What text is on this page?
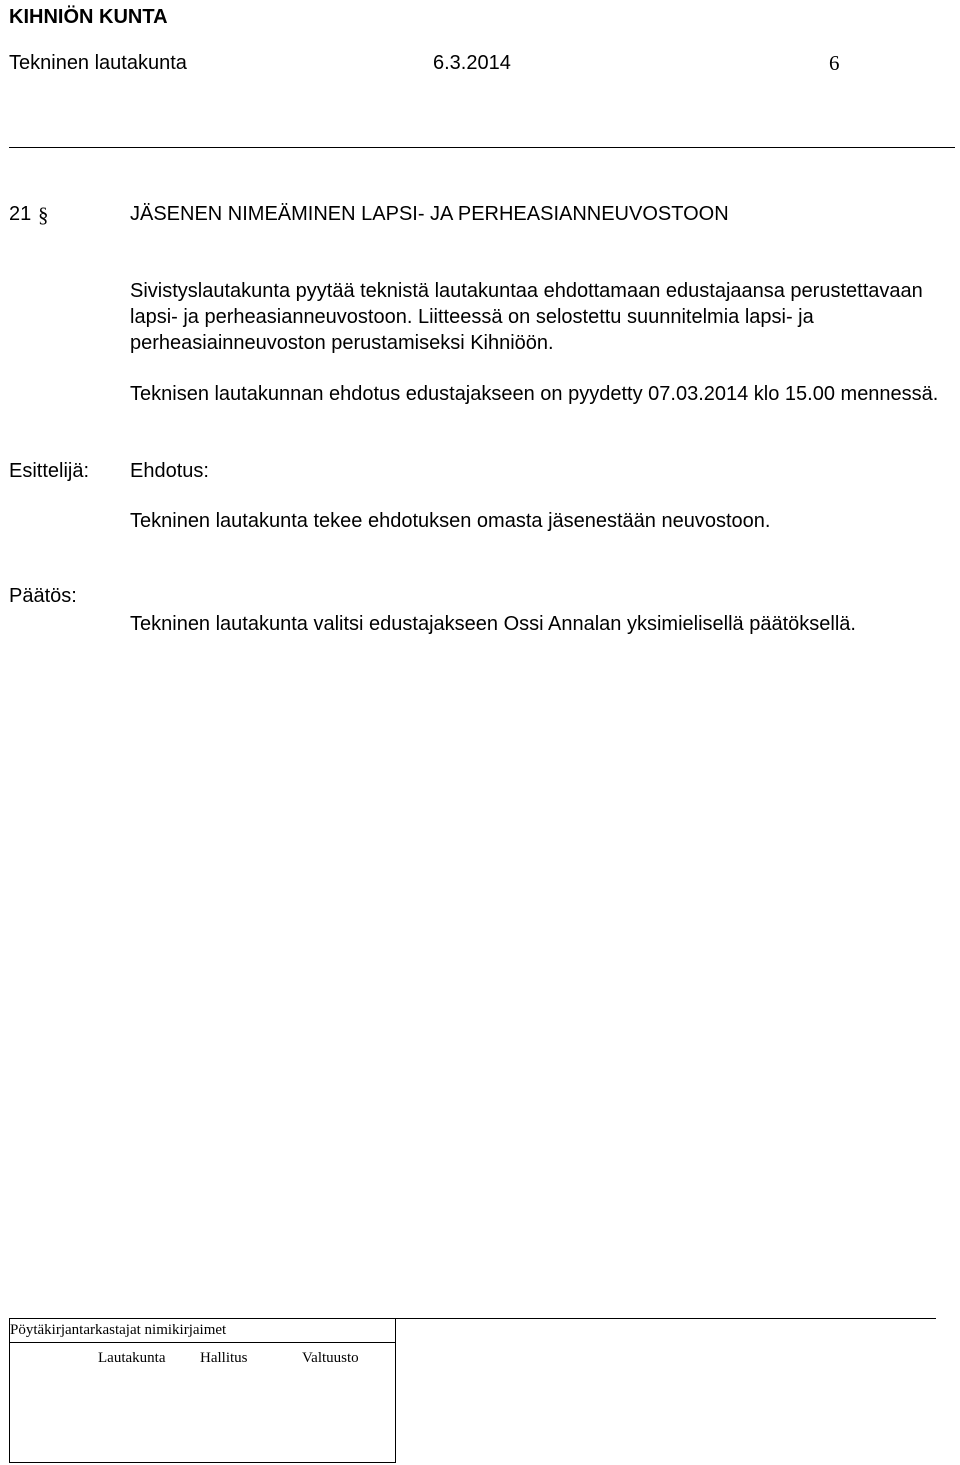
KIHNIÖN KUNTA
Tekninen lautakunta	6.3.2014	6
21 §	JÄSENEN NIMEÄMINEN LAPSI- JA PERHEASIANNEUVOSTOON
Sivistyslautakunta pyytää teknistä lautakuntaa ehdottamaan edustajaansa perustettavaan lapsi- ja perheasianneuvostoon. Liitteessä on selostettu suunnitelmia lapsi- ja perheasiainneuvoston perustamiseksi Kihniöön.
Teknisen lautakunnan ehdotus edustajakseen on pyydetty 07.03.2014 klo 15.00 mennessä.
Esittelijä: Ehdotus:
Tekninen lautakunta tekee ehdotuksen omasta jäsenestään neuvostoon.
Päätös:
Tekninen lautakunta valitsi edustajakseen Ossi Annalan yksimielisellä päätöksellä.
Pöytäkirjantarkastajat nimikirjaimet
Lautakunta Hallitus	Valtuusto
